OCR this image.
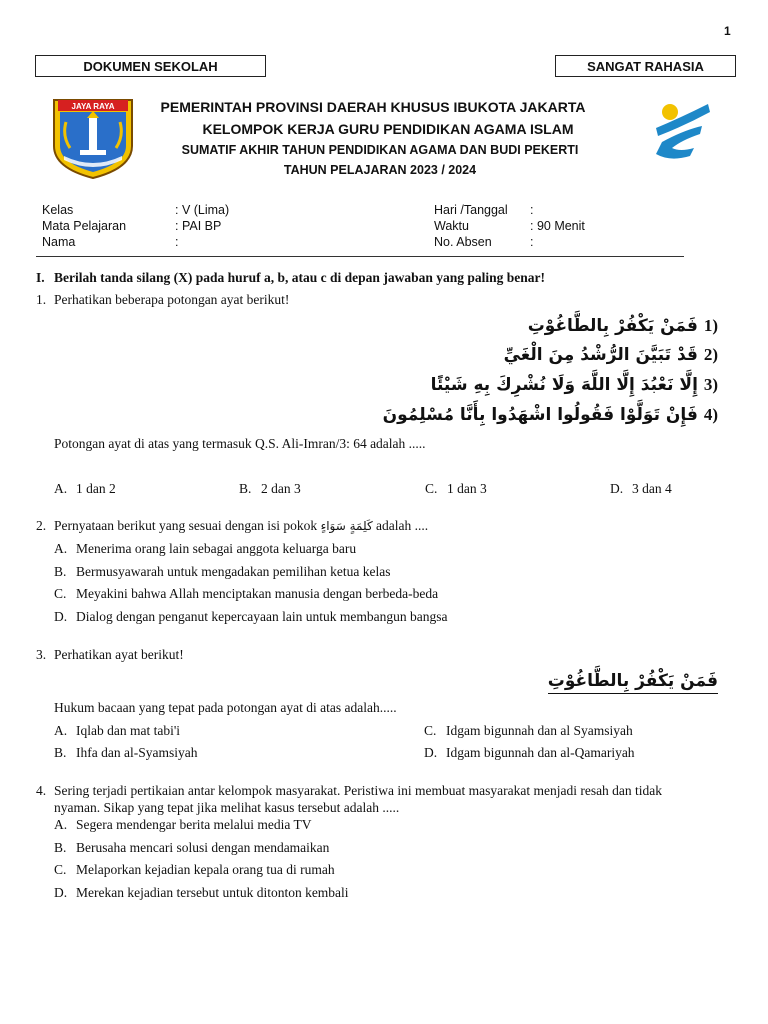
1
DOKUMEN SEKOLAH	SANGAT RAHASIA
JAYA RAYA	PEMERINTAH PROVINSI DAERAH KHUSUS IBUKOTA JAKARTA
KELOMPOK KERJA GURU PENDIDIKAN AGAMA ISLAM
SUMATIF AKHIR TAHUN PENDIDIKAN AGAMA DAN BUDI PEKERTI
TAHUN PELAJARAN 2023 / 2024
Kelas	: V (Lima)
Mata Pelajaran	: PAI BP
Nama	:
Hari /Tanggal :
Waktu	: 90 Menit
No. Absen	:
I. Berilah tanda silang (X) pada huruf a, b, atau c di depan jawaban yang paling benar!
1. Perhatikan beberapa potongan ayat berikut!
(1 فَمَنْ يَكْفُرْ بِالطَّاغُوْتِ
(2 قَدْ تَبَيَّنَ الرُّشْدُ مِنَ الْغَيِّ
(3 إِلَّا نَعْبُدَ إِلَّا اللَّهَ وَلَا نُشْرِكَ بِهِ شَيْئًا
(4 فَإِنْ تَوَلَّوْا فَقُولُوا اشْهَدُوا بِأَنَّا مُسْلِمُونَ
Potongan ayat di atas yang termasuk Q.S. Ali-Imran/3: 64 adalah .....
A. 1 dan 2	B. 2 dan 3	C. 1 dan 3	D. 3 dan 4
2. Pernyataan berikut yang sesuai dengan isi pokok كَلِمَةٍ سَوَاءٍ adalah ....
A. Menerima orang lain sebagai anggota keluarga baru
B. Bermusyawarah untuk mengadakan pemilihan ketua kelas
C. Meyakini bahwa Allah menciptakan manusia dengan berbeda-beda
D. Dialog dengan penganut kepercayaan lain untuk membangun bangsa
3. Perhatikan ayat berikut!
فَمَنْ يَكْفُرْ بِالطَّاغُوْتِ
Hukum bacaan yang tepat pada potongan ayat di atas adalah.....
A. Iqlab dan mat tabi'i
B. Ihfa dan al-Syamsiyah
C. Idgam bigunnah dan al Syamsiyah
D. Idgam bigunnah dan al-Qamariyah
4. Sering terjadi pertikaian antar kelompok masyarakat. Peristiwa ini membuat masyarakat menjadi resah dan tidak
nyaman. Sikap yang tepat jika melihat kasus tersebut adalah .....
A. Segera mendengar berita melalui media TV
B. Berusaha mencari solusi dengan mendamaikan
C. Melaporkan kejadian kepala orang tua di rumah
D. Merekan kejadian tersebut untuk ditonton kembali
